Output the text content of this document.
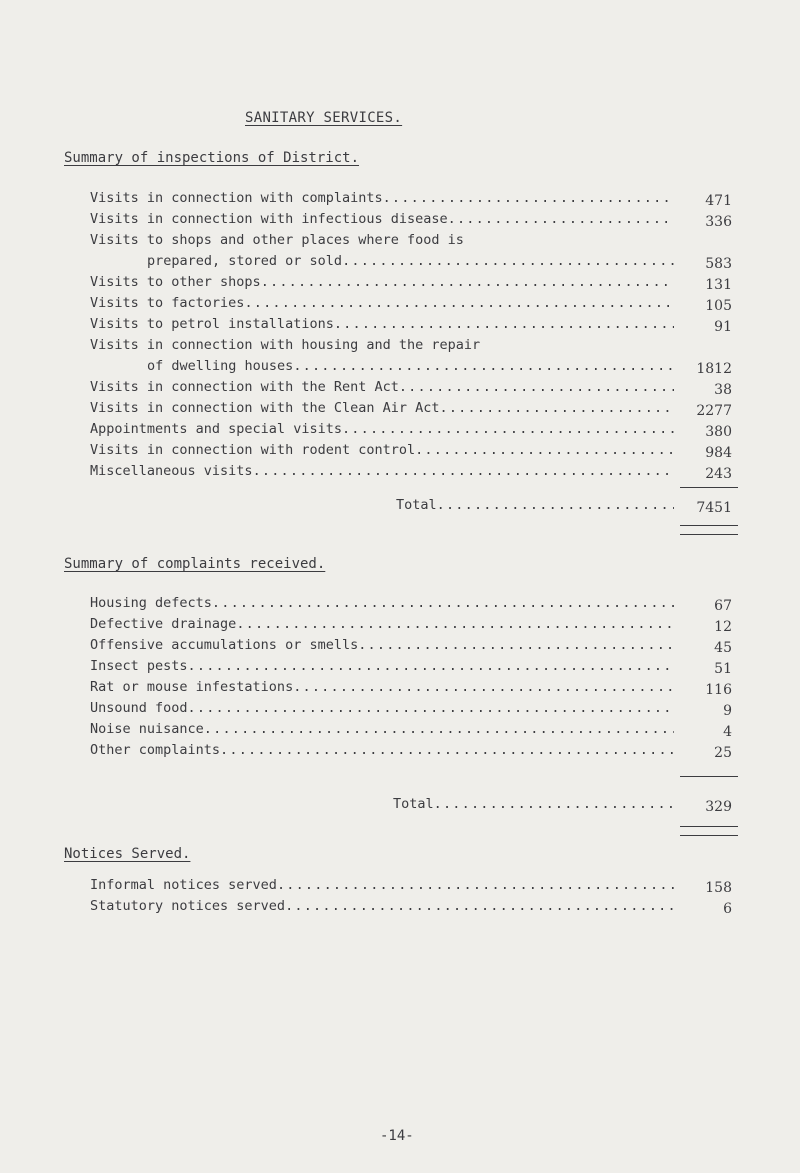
SANITARY SERVICES.
Summary of inspections of District.
Visits in connection with complaints .....	471
Visits in connection with infectious disease .....	336
Visits to shops and other places where food is
prepared, stored or sold .....	583
Visits to other shops .....	131
Visits to factories .....	105
Visits to petrol installations .....	91
Visits in connection with housing and the repair
of dwelling houses .....	1812
Visits in connection with the Rent Act .....	38
Visits in connection with the Clean Air Act .....	2277
Appointments and special visits .....	380
Visits in connection with rodent control .....	984
Miscellaneous visits .....	243
Total .....	7451
Summary of complaints received.
Housing defects .....	67
Defective drainage .....	12
Offensive accumulations or smells .....	45
Insect pests .....	51
Rat or mouse infestations .....	116
Unsound food .....	9
Noise nuisance .....	4
Other complaints .....	25
Total .....	329
Notices Served.
Informal notices served .....	158
Statutory notices served .....	6
-14-
